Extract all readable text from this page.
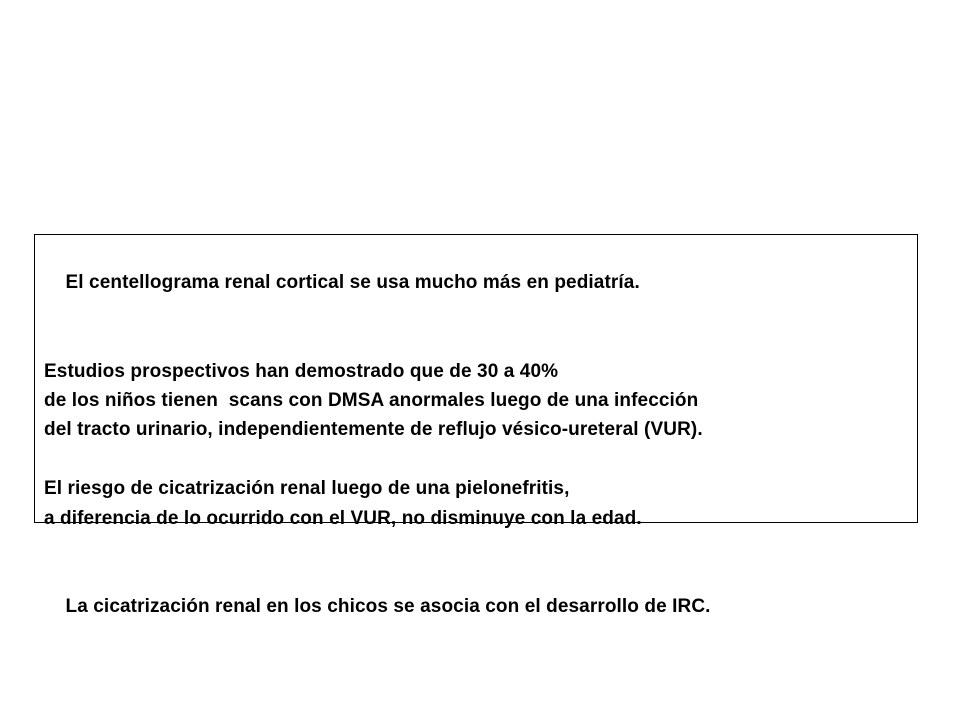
El centellograma renal cortical se usa mucho más en pediatría.

Estudios prospectivos han demostrado que de 30 a 40%
de los niños tienen  scans con DMSA anormales luego de una infección
del tracto urinario, independientemente de reflujo vésico-ureteral (VUR).

El riesgo de cicatrización renal luego de una pielonefritis,
a diferencia de lo ocurrido con el VUR, no disminuye con la edad.

La cicatrización renal en los chicos se asocia con el desarrollo de IRC.
